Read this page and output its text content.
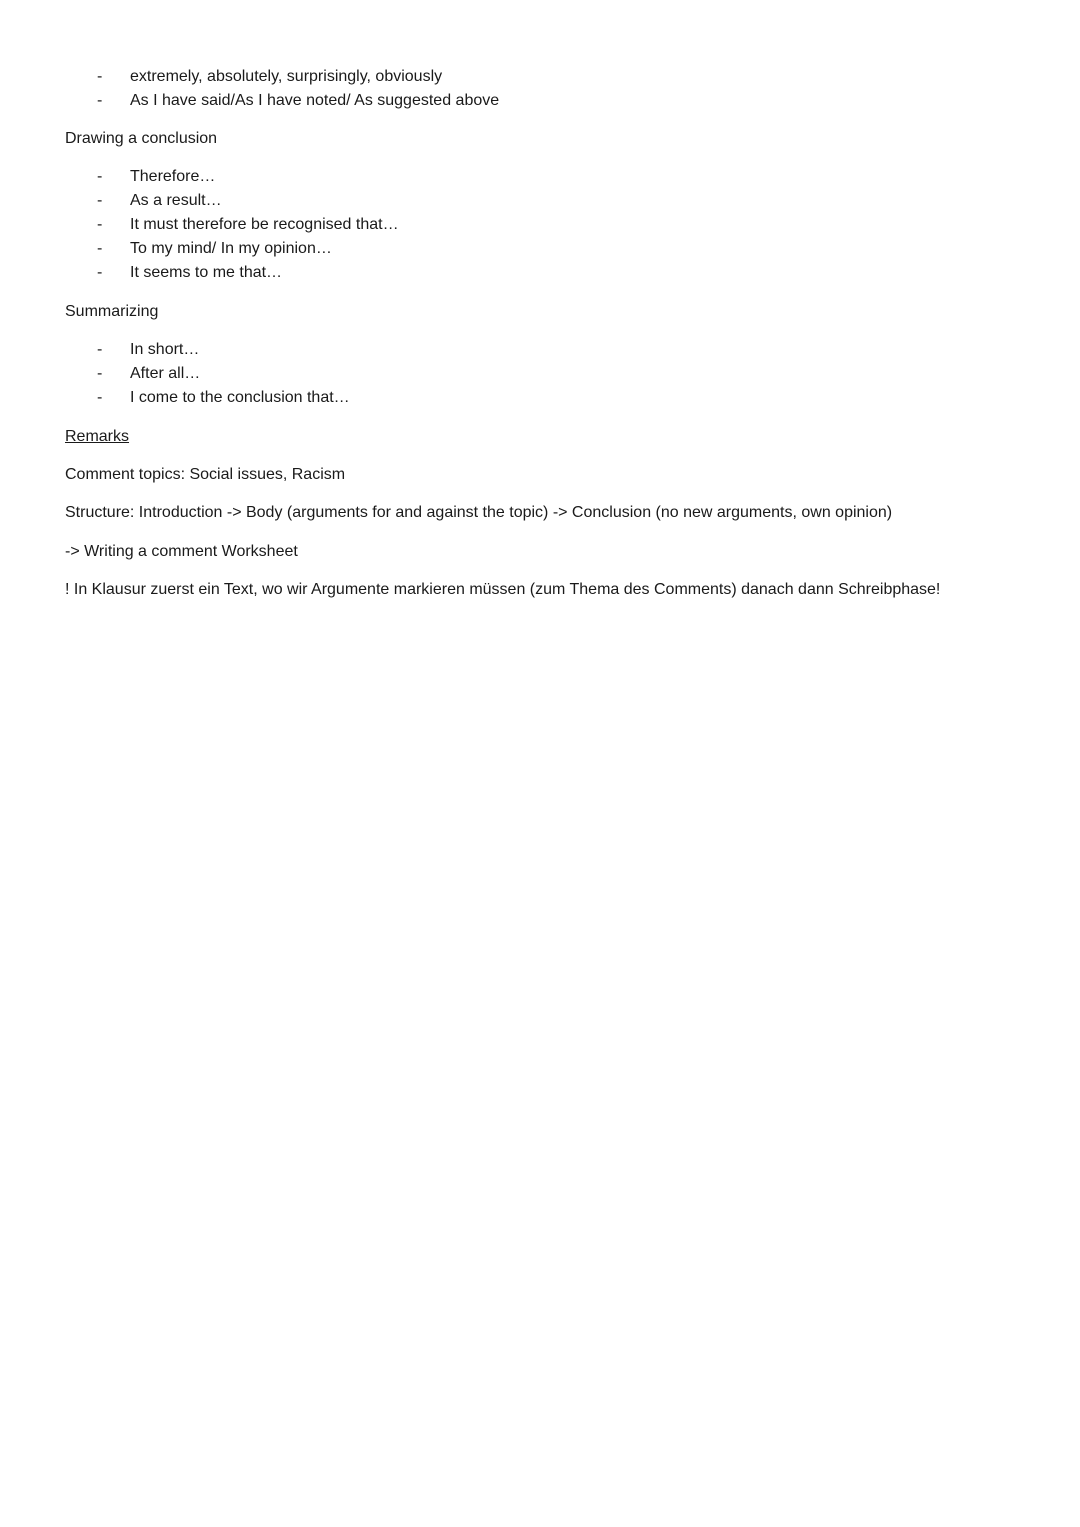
- extremely, absolutely, surprisingly, obviously
- As I have said/As I have noted/ As suggested above
Drawing a conclusion
- Therefore…
- As a result…
- It must therefore be recognised that…
- To my mind/ In my opinion…
- It seems to me that…
Summarizing
- In short…
- After all…
- I come to the conclusion that…
Remarks
Comment topics: Social issues, Racism
Structure: Introduction -> Body (arguments for and against the topic) -> Conclusion (no new arguments, own opinion)
-> Writing a comment Worksheet
! In Klausur zuerst ein Text, wo wir Argumente markieren müssen (zum Thema des Comments) danach dann Schreibphase!
